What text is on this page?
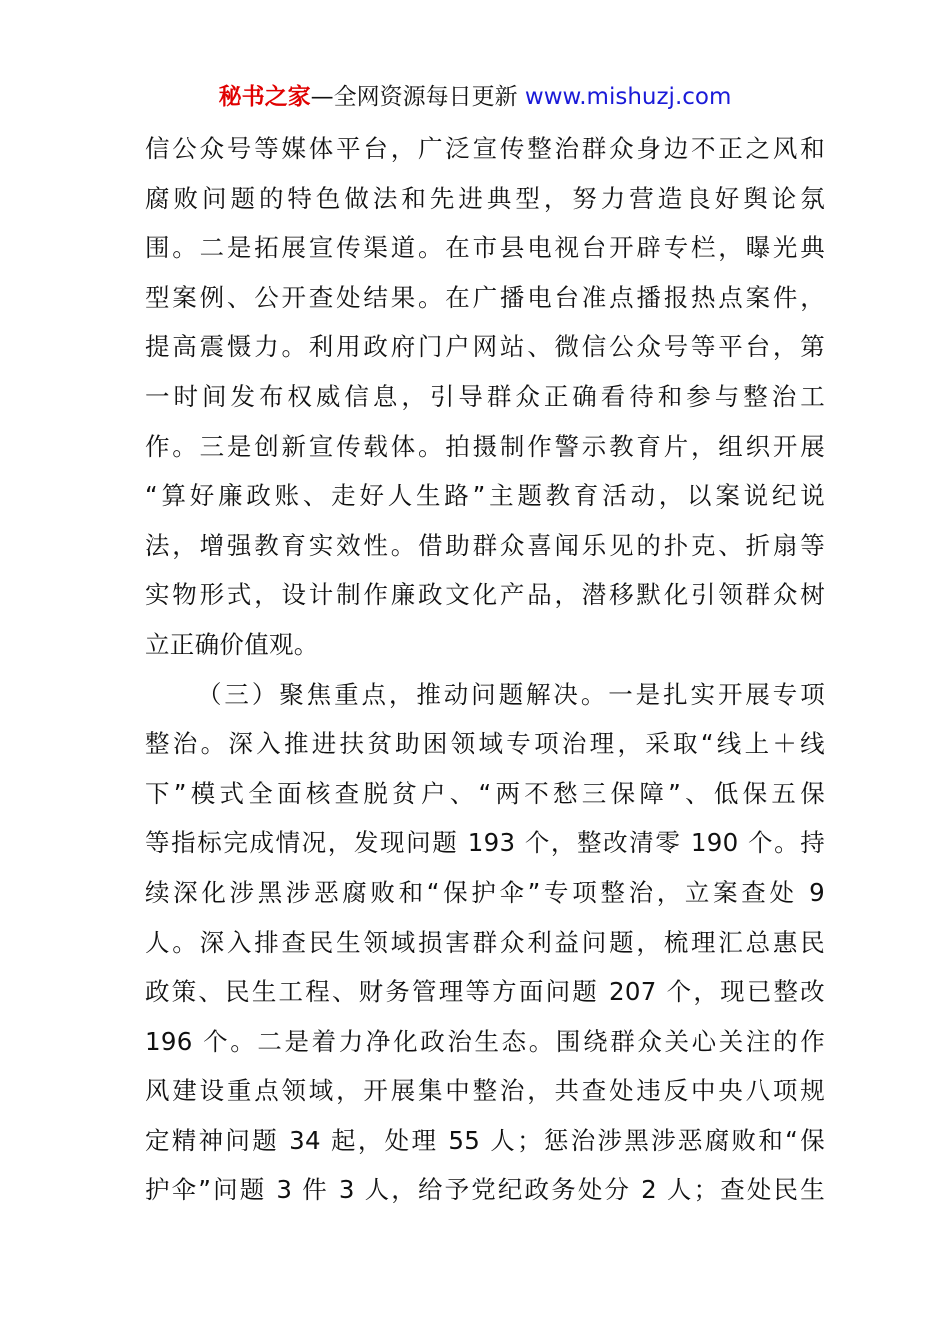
秘书之家—全网资源每日更新 www.mishuzj.com
信公众号等媒体平台，广泛宣传整治群众身边不正之风和
腐败问题的特色做法和先进典型，努力营造良好舆论氛
围。二是拓展宣传渠道。在市县电视台开辟专栏，曝光典
型案例、公开查处结果。在广播电台准点播报热点案件，
提高震慑力。利用政府门户网站、微信公众号等平台，第
一时间发布权威信息，引导群众正确看待和参与整治工
作。三是创新宣传载体。拍摄制作警示教育片，组织开展
“算好廉政账、走好人生路”主题教育活动，以案说纪说
法，增强教育实效性。借助群众喜闻乐见的扑克、折扇等
实物形式，设计制作廉政文化产品，潜移默化引领群众树
立正确价值观。
（三）聚焦重点，推动问题解决。一是扎实开展专项
整治。深入推进扶贫助困领域专项治理，采取“线上＋线
下”模式全面核查脱贫户、“两不愁三保障”、低保五保
等指标完成情况，发现问题 193 个，整改清零 190 个。持
续深化涉黑涉恶腐败和“保护伞”专项整治，立案查处 9
人。深入排查民生领域损害群众利益问题，梳理汇总惠民
政策、民生工程、财务管理等方面问题 207 个，现已整改
196 个。二是着力净化政治生态。围绕群众关心关注的作
风建设重点领域，开展集中整治，共查处违反中央八项规
定精神问题 34 起，处理 55 人；惩治涉黑涉恶腐败和“保
护伞”问题 3 件 3 人，给予党纪政务处分 2 人；查处民生
